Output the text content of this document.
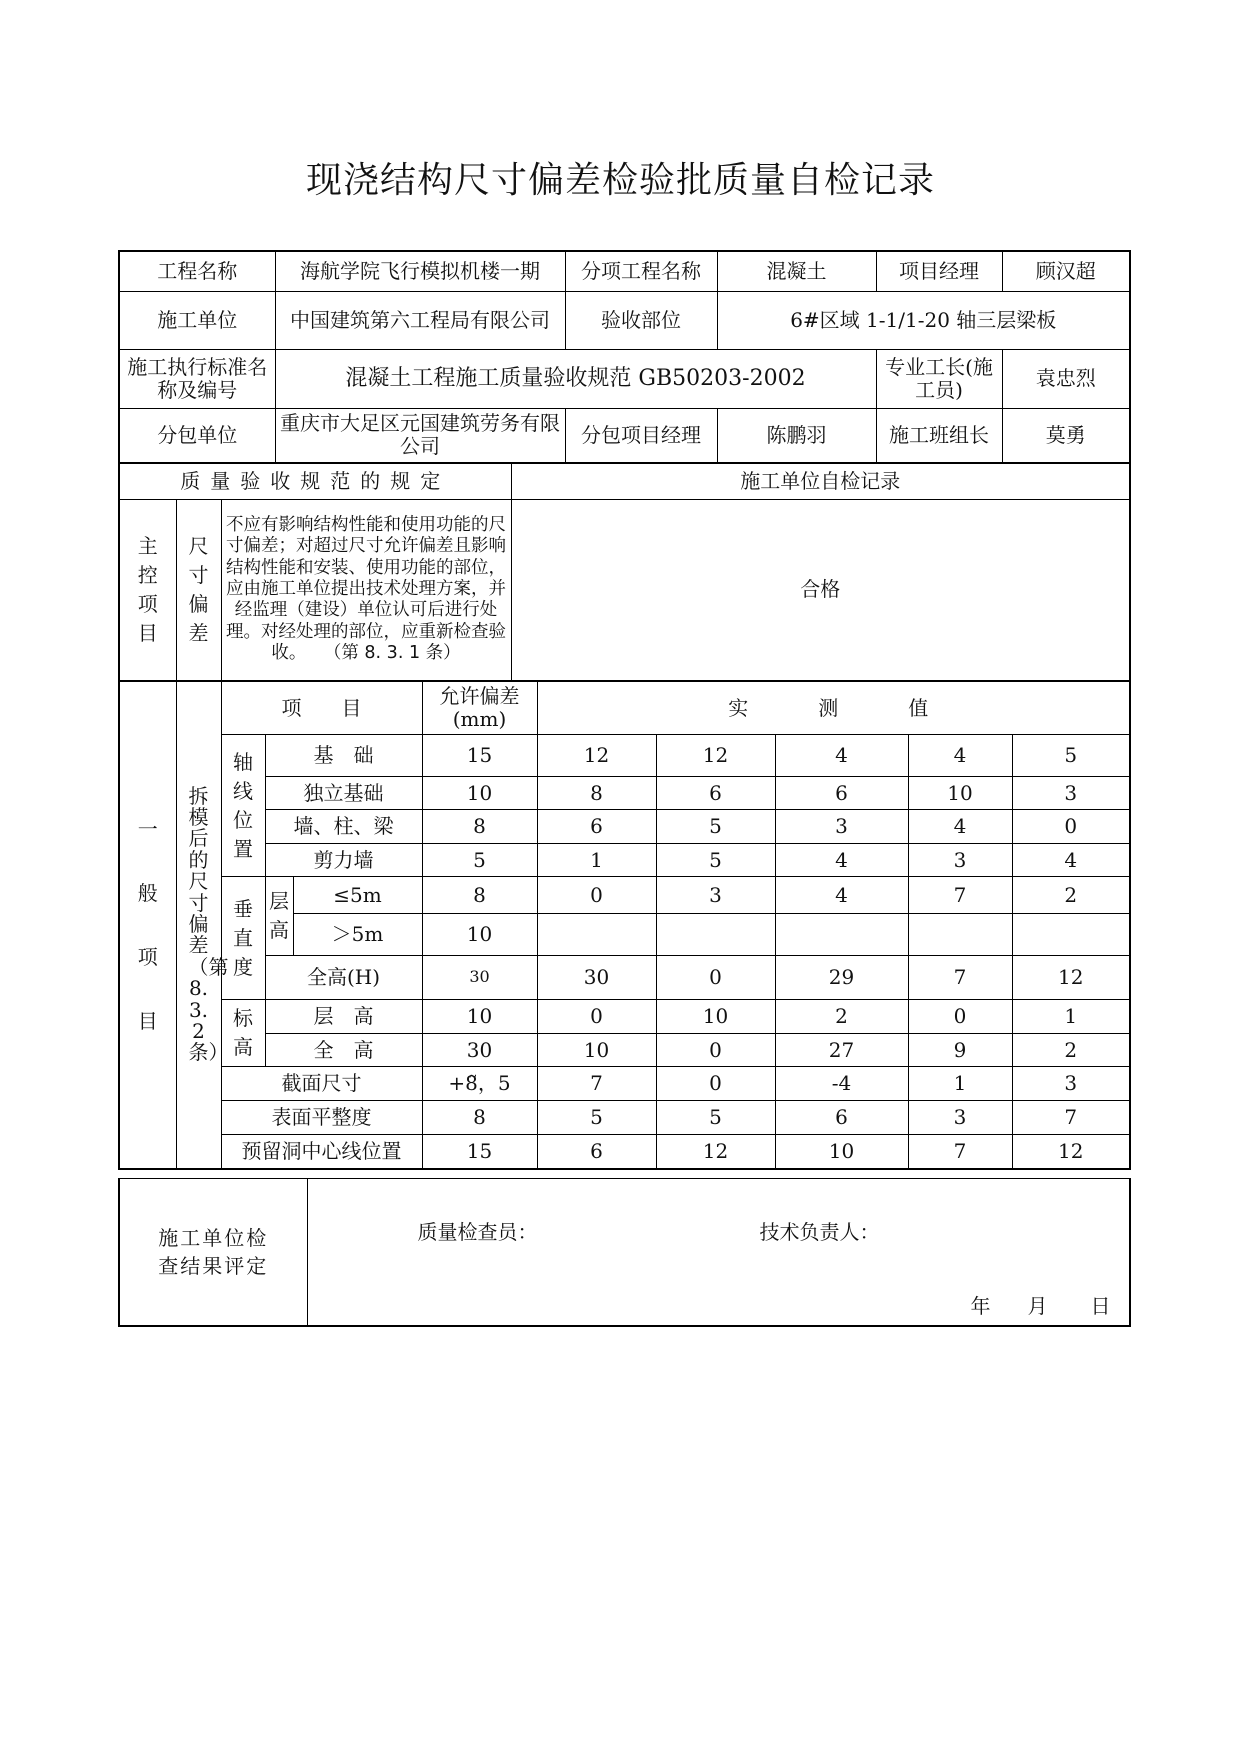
现浇结构尺寸偏差检验批质量自检记录
工程名称	海航学院飞行模拟机楼一期	分项工程名称	混凝土	项目经理	顾汉超
施工单位	中国建筑第六工程局有限公司	验收部位	6#区域 1-1/1-20 轴三层梁板		
施工执行标准名称及编号	混凝土工程施工质量验收规范 GB50203-2002			专业工长(施工员)	袁忠烈
分包单位	重庆市大足区元国建筑劳务有限公司	分包项目经理	陈鹏羽	施工班组长	莫勇
质量验收规范的规定			施工单位自检记录

主控项目	尺寸偏差	不应有影响结构性能和使用功能的尺寸偏差；对超过尺寸允许偏差且影响结构性能和安装、使用功能的部位，应由施工单位提出技术处理方案，并经监理（建设）单位认可后进行处理。对经处理的部位，应重新检查验收。　　（第 8. 3. 1 条）	合格
一般项目	拆模后的尺寸偏差（第8.3.2条）	项　　目			允许偏差(mm)	实　　测　　值				

		轴线位置	基　础		15	12	12	4	4	5
			独立基础		10	8	6	6	10	3
			墙、柱、梁		8	6	5	3	4	0
			剪力墙		5	1	5	4	3	4

		垂直度	层高	≤5m	8	0	3	4	7	2
				＞5m	10					
			全高(H)		30	30	0	29	7	12

		标高	层　高		10	0	10	2	0	1
			全　高		30	10	0	27	9	2
		截面尺寸			+8̃，5	7	0	-4	1	3
		表面平整度			8	5	5	6	3	7
		预留洞中心线位置			15	6	12	10	7	12
施工单位检查结果评定

质量检查员：	技术负责人：
年 月 日
